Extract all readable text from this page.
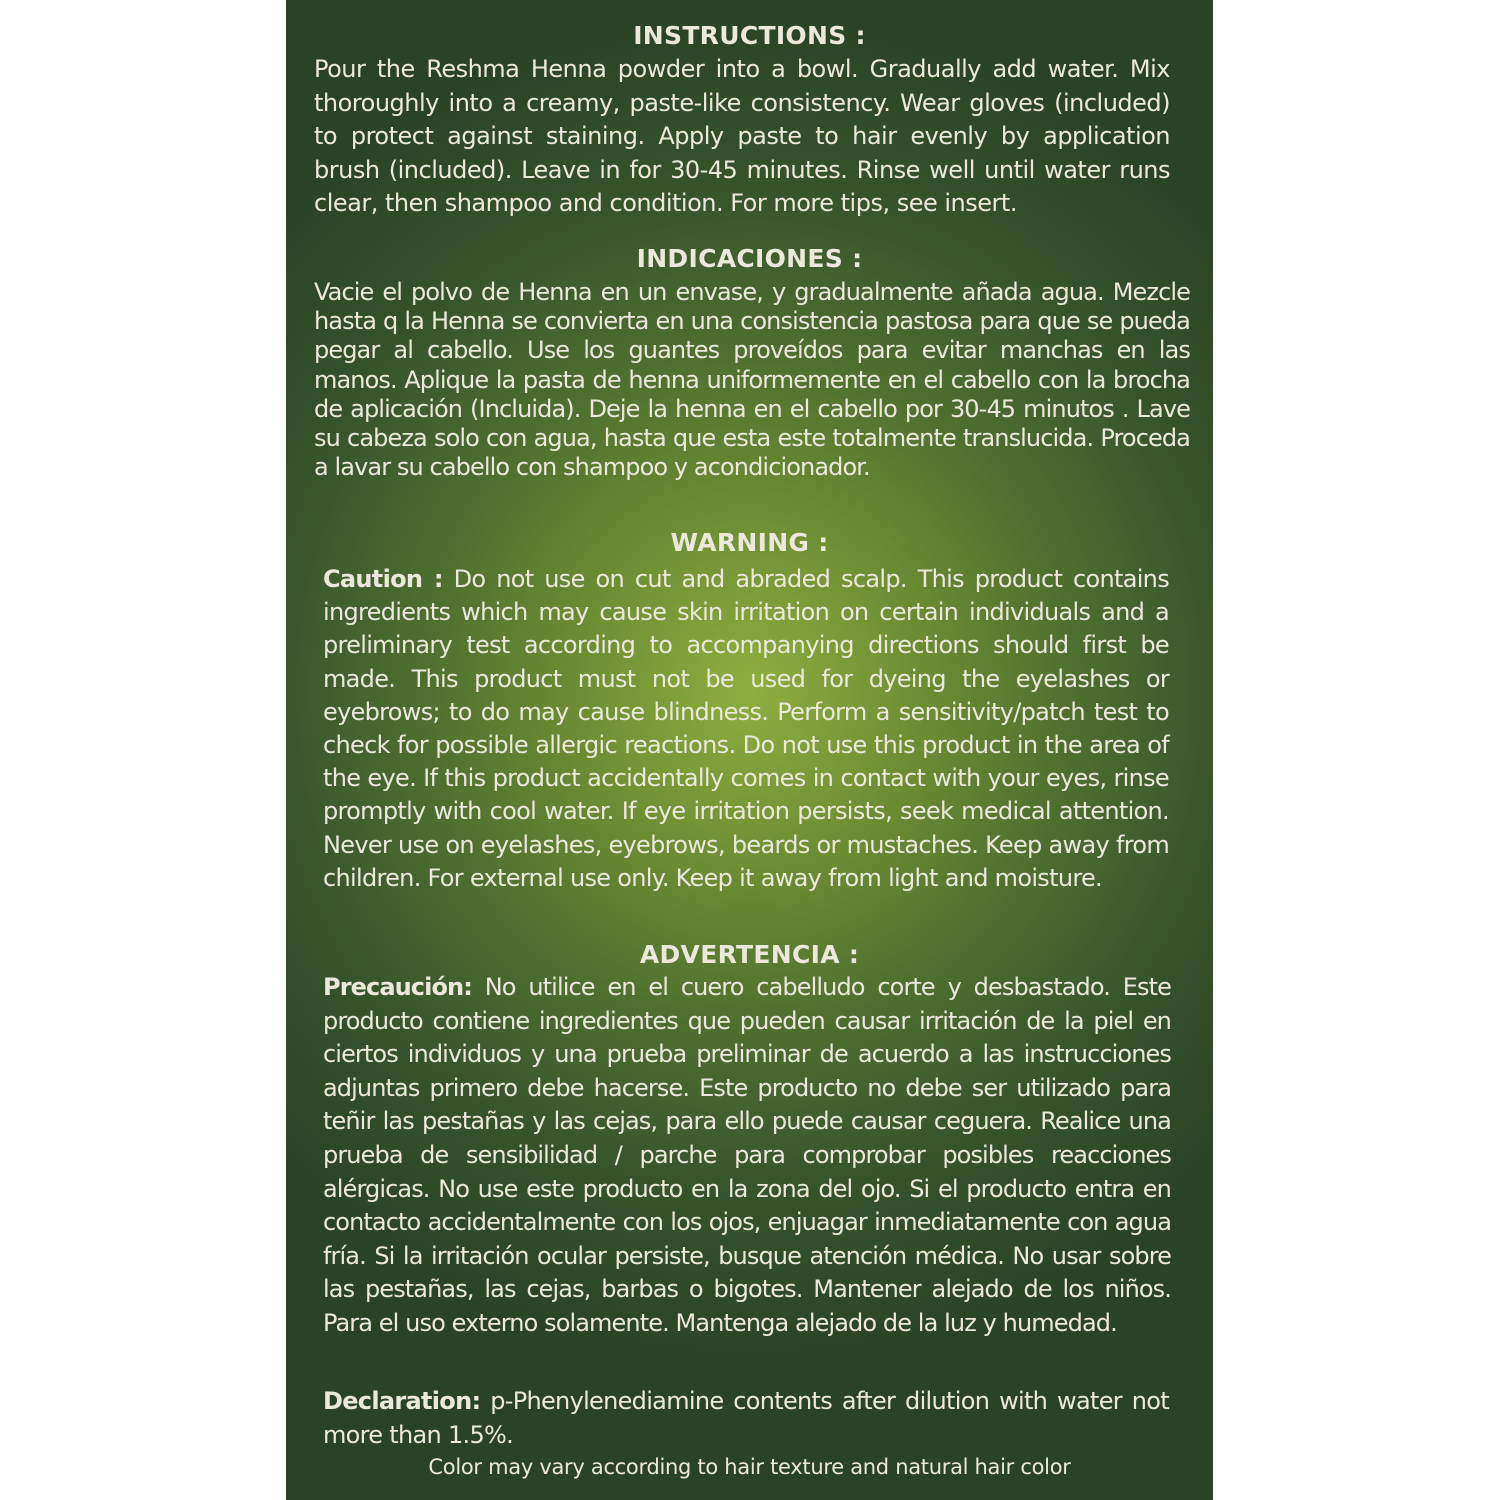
INSTRUCTIONS :
Pour the Reshma Henna powder into a bowl. Gradually add water. Mix thoroughly into a creamy, paste-like consistency. Wear gloves (included) to protect against staining. Apply paste to hair evenly by application brush (included). Leave in for 30-45 minutes. Rinse well until water runs clear, then shampoo and condition. For more tips, see insert.
INDICACIONES :
Vacie el polvo de Henna en un envase, y gradualmente añada agua. Mezcle hasta q la Henna se convierta en una consistencia pastosa para que se pueda pegar al cabello. Use los guantes proveídos para evitar manchas en las manos. Aplique la pasta de henna uniformemente en el cabello con la brocha de aplicación (Incluida). Deje la henna en el cabello por 30-45 minutos . Lave su cabeza solo con agua, hasta que esta este totalmente translucida. Proceda a lavar su cabello con shampoo y acondicionador.
WARNING :
Caution : Do not use on cut and abraded scalp. This product contains ingredients which may cause skin irritation on certain individuals and a preliminary test according to accompanying directions should first be made. This product must not be used for dyeing the eyelashes or eyebrows; to do may cause blindness. Perform a sensitivity/patch test to check for possible allergic reactions. Do not use this product in the area of the eye. If this product accidentally comes in contact with your eyes, rinse promptly with cool water. If eye irritation persists, seek medical attention. Never use on eyelashes, eyebrows, beards or mustaches. Keep away from children. For external use only. Keep it away from light and moisture.
ADVERTENCIA :
Precaución: No utilice en el cuero cabelludo corte y desbastado. Este producto contiene ingredientes que pueden causar irritación de la piel en ciertos individuos y una prueba preliminar de acuerdo a las instrucciones adjuntas primero debe hacerse. Este producto no debe ser utilizado para teñir las pestañas y las cejas, para ello puede causar ceguera. Realice una prueba de sensibilidad / parche para comprobar posibles reacciones alérgicas. No use este producto en la zona del ojo. Si el producto entra en contacto accidentalmente con los ojos, enjuagar inmediatamente con agua fría. Si la irritación ocular persiste, busque atención médica. No usar sobre las pestañas, las cejas, barbas o bigotes. Mantener alejado de los niños. Para el uso externo solamente. Mantenga alejado de la luz y humedad.
Declaration: p-Phenylenediamine contents after dilution with water not more than 1.5%.
Color may vary according to hair texture and natural hair color
